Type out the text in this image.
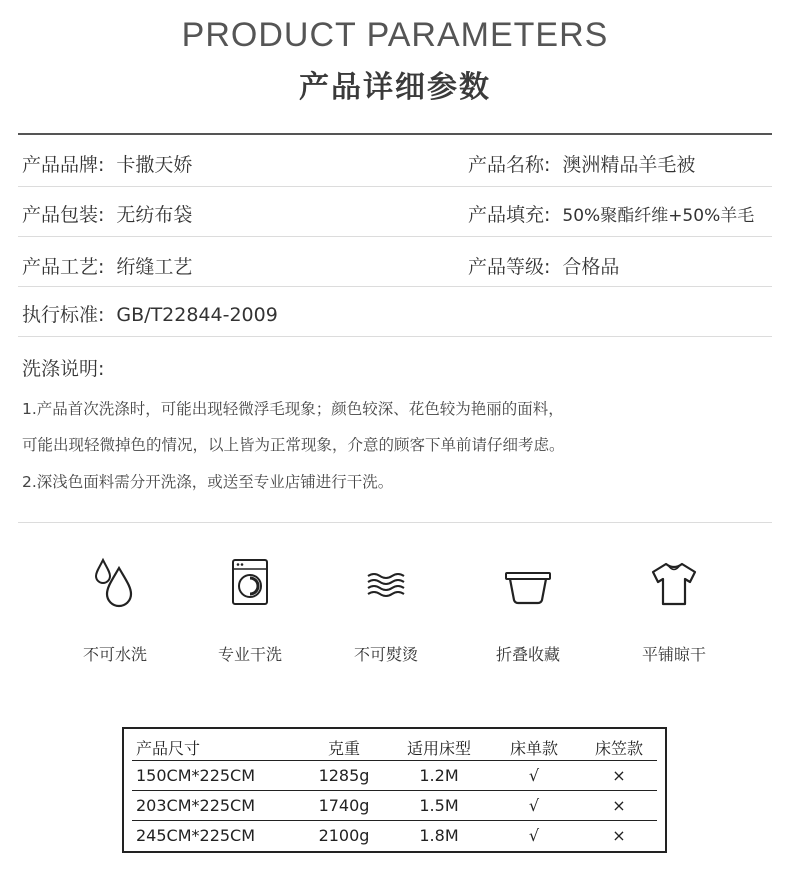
PRODUCT PARAMETERS
产品详细参数
产品品牌: 卡撒天娇	产品名称: 澳洲精品羊毛被
产品包装: 无纺布袋	产品填充: 50%聚酯纤维+50%羊毛
产品工艺: 绗缝工艺	产品等级: 合格品
执行标准: GB/T22844-2009
洗涤说明:
1.产品首次洗涤时，可能出现轻微浮毛现象；颜色较深、花色较为艳丽的面料，
可能出现轻微掉色的情况，以上皆为正常现象，介意的顾客下单前请仔细考虑。
2.深浅色面料需分开洗涤，或送至专业店铺进行干洗。
不可水洗	专业干洗	不可熨烫	折叠收藏	平铺晾干
产品尺寸	克重	适用床型	床单款	床笠款
150CM*225CM	1285g	1.2M	√	×
203CM*225CM	1740g	1.5M	√	×
245CM*225CM	2100g	1.8M	√	×
